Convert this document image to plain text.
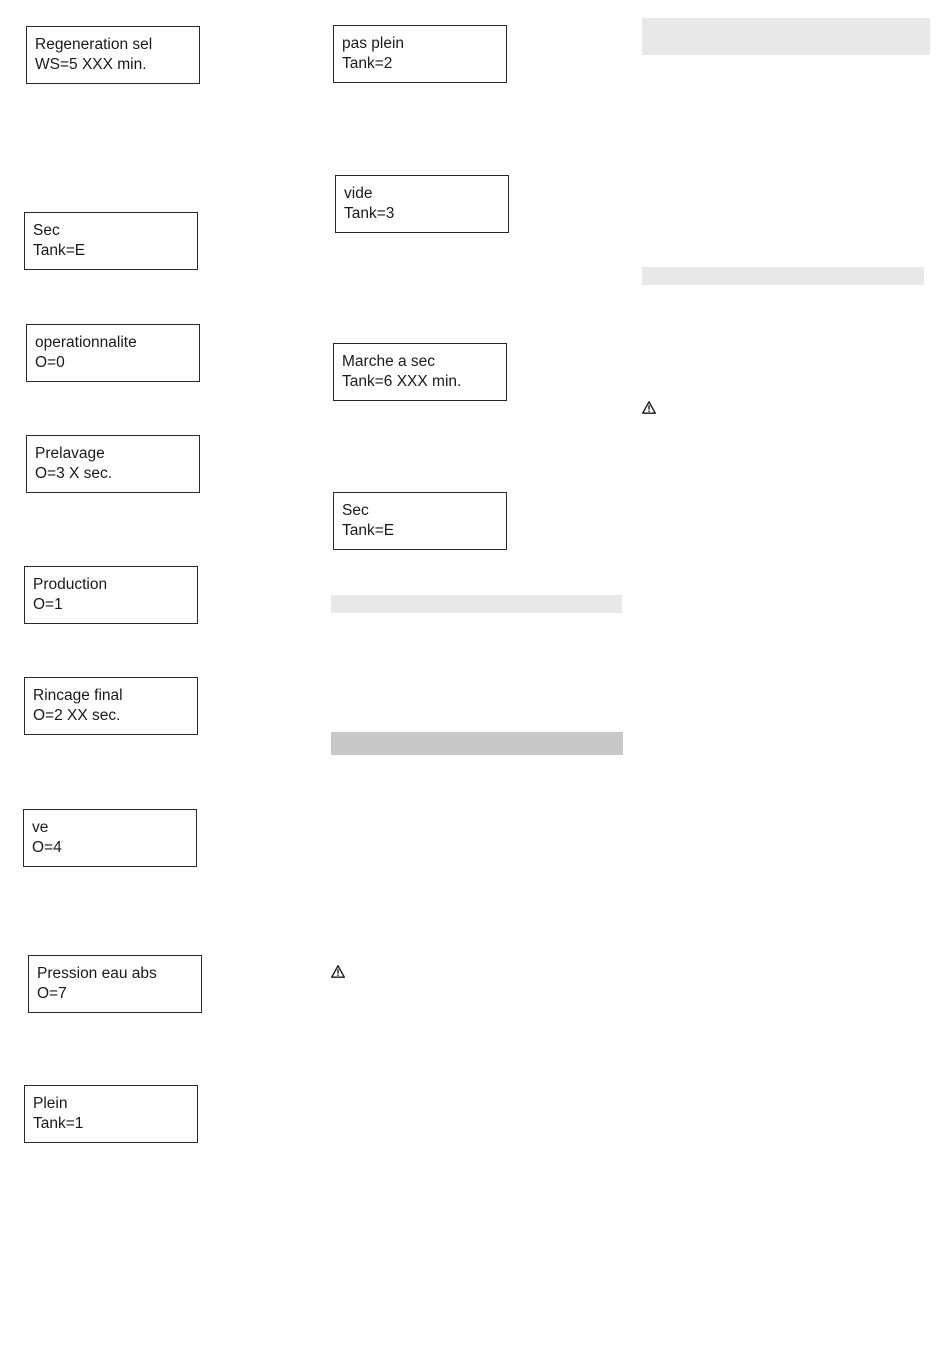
Regeneration sel
WS=5 XXX min.
Sec
Tank=E
operationnalite
O=0
Prelavage
O=3 X sec.
Production
O=1
Rincage final
O=2 XX sec.
ve
O=4
Pression eau abs
O=7
Plein
Tank=1
pas plein
Tank=2
vide
Tank=3
Marche a sec
Tank=6 XXX min.
Sec
Tank=E
